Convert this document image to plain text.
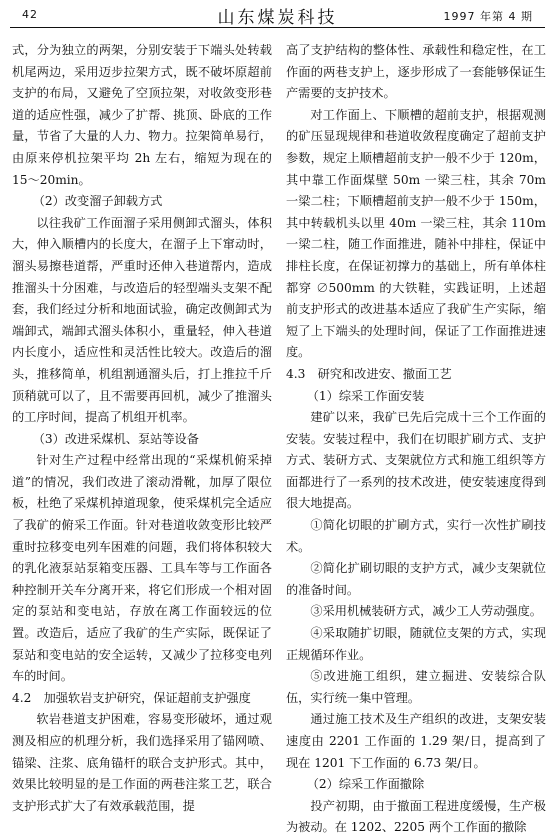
42	山东煤炭科技	1997 年第 4 期

式，分为独立的两架，分别安装于下端头处转载机尾两边，采用迈步拉架方式，既不破坏原超前支护的布局，又避免了空顶拉架，对收敛变形巷道的适应性强，减少了扩帮、挑顶、卧底的工作量，节省了大量的人力、物力。拉架简单易行，由原来停机拉架平均 2h 左右，缩短为现在的 15～20min。

（2）改变溜子卸载方式

以往我矿工作面溜子采用侧卸式溜头，体积大，伸入顺槽内的长度大，在溜子上下窜动时，溜头易擦巷道帮，严重时还伸入巷道帮内，造成推溜头十分困难，与改造后的轻型端头支架不配套，我们经过分析和地面试验，确定改侧卸式为端卸式，端卸式溜头体积小，重量轻，伸入巷道内长度小，适应性和灵活性比较大。改造后的溜头，推移简单，机组割通溜头后，打上推拉千斤顶稍就可以了，且不需要再回机，减少了推溜头的工序时间，提高了机组开机率。

（3）改进采煤机、泵站等设备

针对生产过程中经常出现的“采煤机俯采掉道”的情况，我们改进了滚动滑靴，加厚了限位板，杜绝了采煤机掉道现象，使采煤机完全适应了我矿的俯采工作面。针对巷道收敛变形比较严重时拉移变电列车困难的问题，我们将体积较大的乳化液泵站泵箱变压器、工具车等与工作面各种控制开关车分离开来，将它们形成一个相对固定的泵站和变电站，存放在离工作面较远的位置。改造后，适应了我矿的生产实际，既保证了泵站和变电站的安全运转，又减少了拉移变电列车的时间。

4.2　加强软岩支护研究，保证超前支护强度

软岩巷道支护困难，容易变形破坏，通过观测及相应的机理分析，我们选择采用了锚网喷、锚梁、注浆、底角锚杆的联合支护形式。其中，效果比较明显的是工作面的两巷注浆工艺，联合支护形式扩大了有效承载范围，提

高了支护结构的整体性、承载性和稳定性，在工作面的两巷支护上，逐步形成了一套能够保证生产需要的支护技术。

对工作面上、下顺槽的超前支护，根据观测的矿压显现规律和巷道收敛程度确定了超前支护参数，规定上顺槽超前支护一般不少于 120m，其中靠工作面煤壁 50m 一梁三柱，其余 70m 一梁二柱；下顺槽超前支护一般不少于 150m，其中转载机头以里 40m 一梁三柱，其余 110m 一梁二柱，随工作面推进，随补中排柱，保证中排柱长度，在保证初撑力的基础上，所有单体柱都穿 ∅500mm 的大铁鞋，实践证明，上述超前支护形式的改进基本适应了我矿生产实际，缩短了上下端头的处理时间，保证了工作面推进速度。

4.3　研究和改进安、撤面工艺

（1）综采工作面安装

建矿以来，我矿已先后完成十三个工作面的安装。安装过程中，我们在切眼扩刷方式、支护方式、装研方式、支架就位方式和施工组织等方面都进行了一系列的技术改进，使安装速度得到很大地提高。

①简化切眼的扩刷方式，实行一次性扩刷技术。

②简化扩刷切眼的支护方式，减少支架就位的准备时间。

③采用机械装研方式，减少工人劳动强度。

④采取随扩切眼，随就位支架的方式，实现正规循环作业。

⑤改进施工组织，建立掘进、安装综合队伍，实行统一集中管理。

通过施工技术及生产组织的改进，支架安装速度由 2201 工作面的 1.29 架/日，提高到了现在 1201 下工作面的 6.73 架/日。

（2）综采工作面撤除

投产初期，由于撤面工程进度缓慢，生产极为被动。在 1202、2205 两个工作面的撤除
